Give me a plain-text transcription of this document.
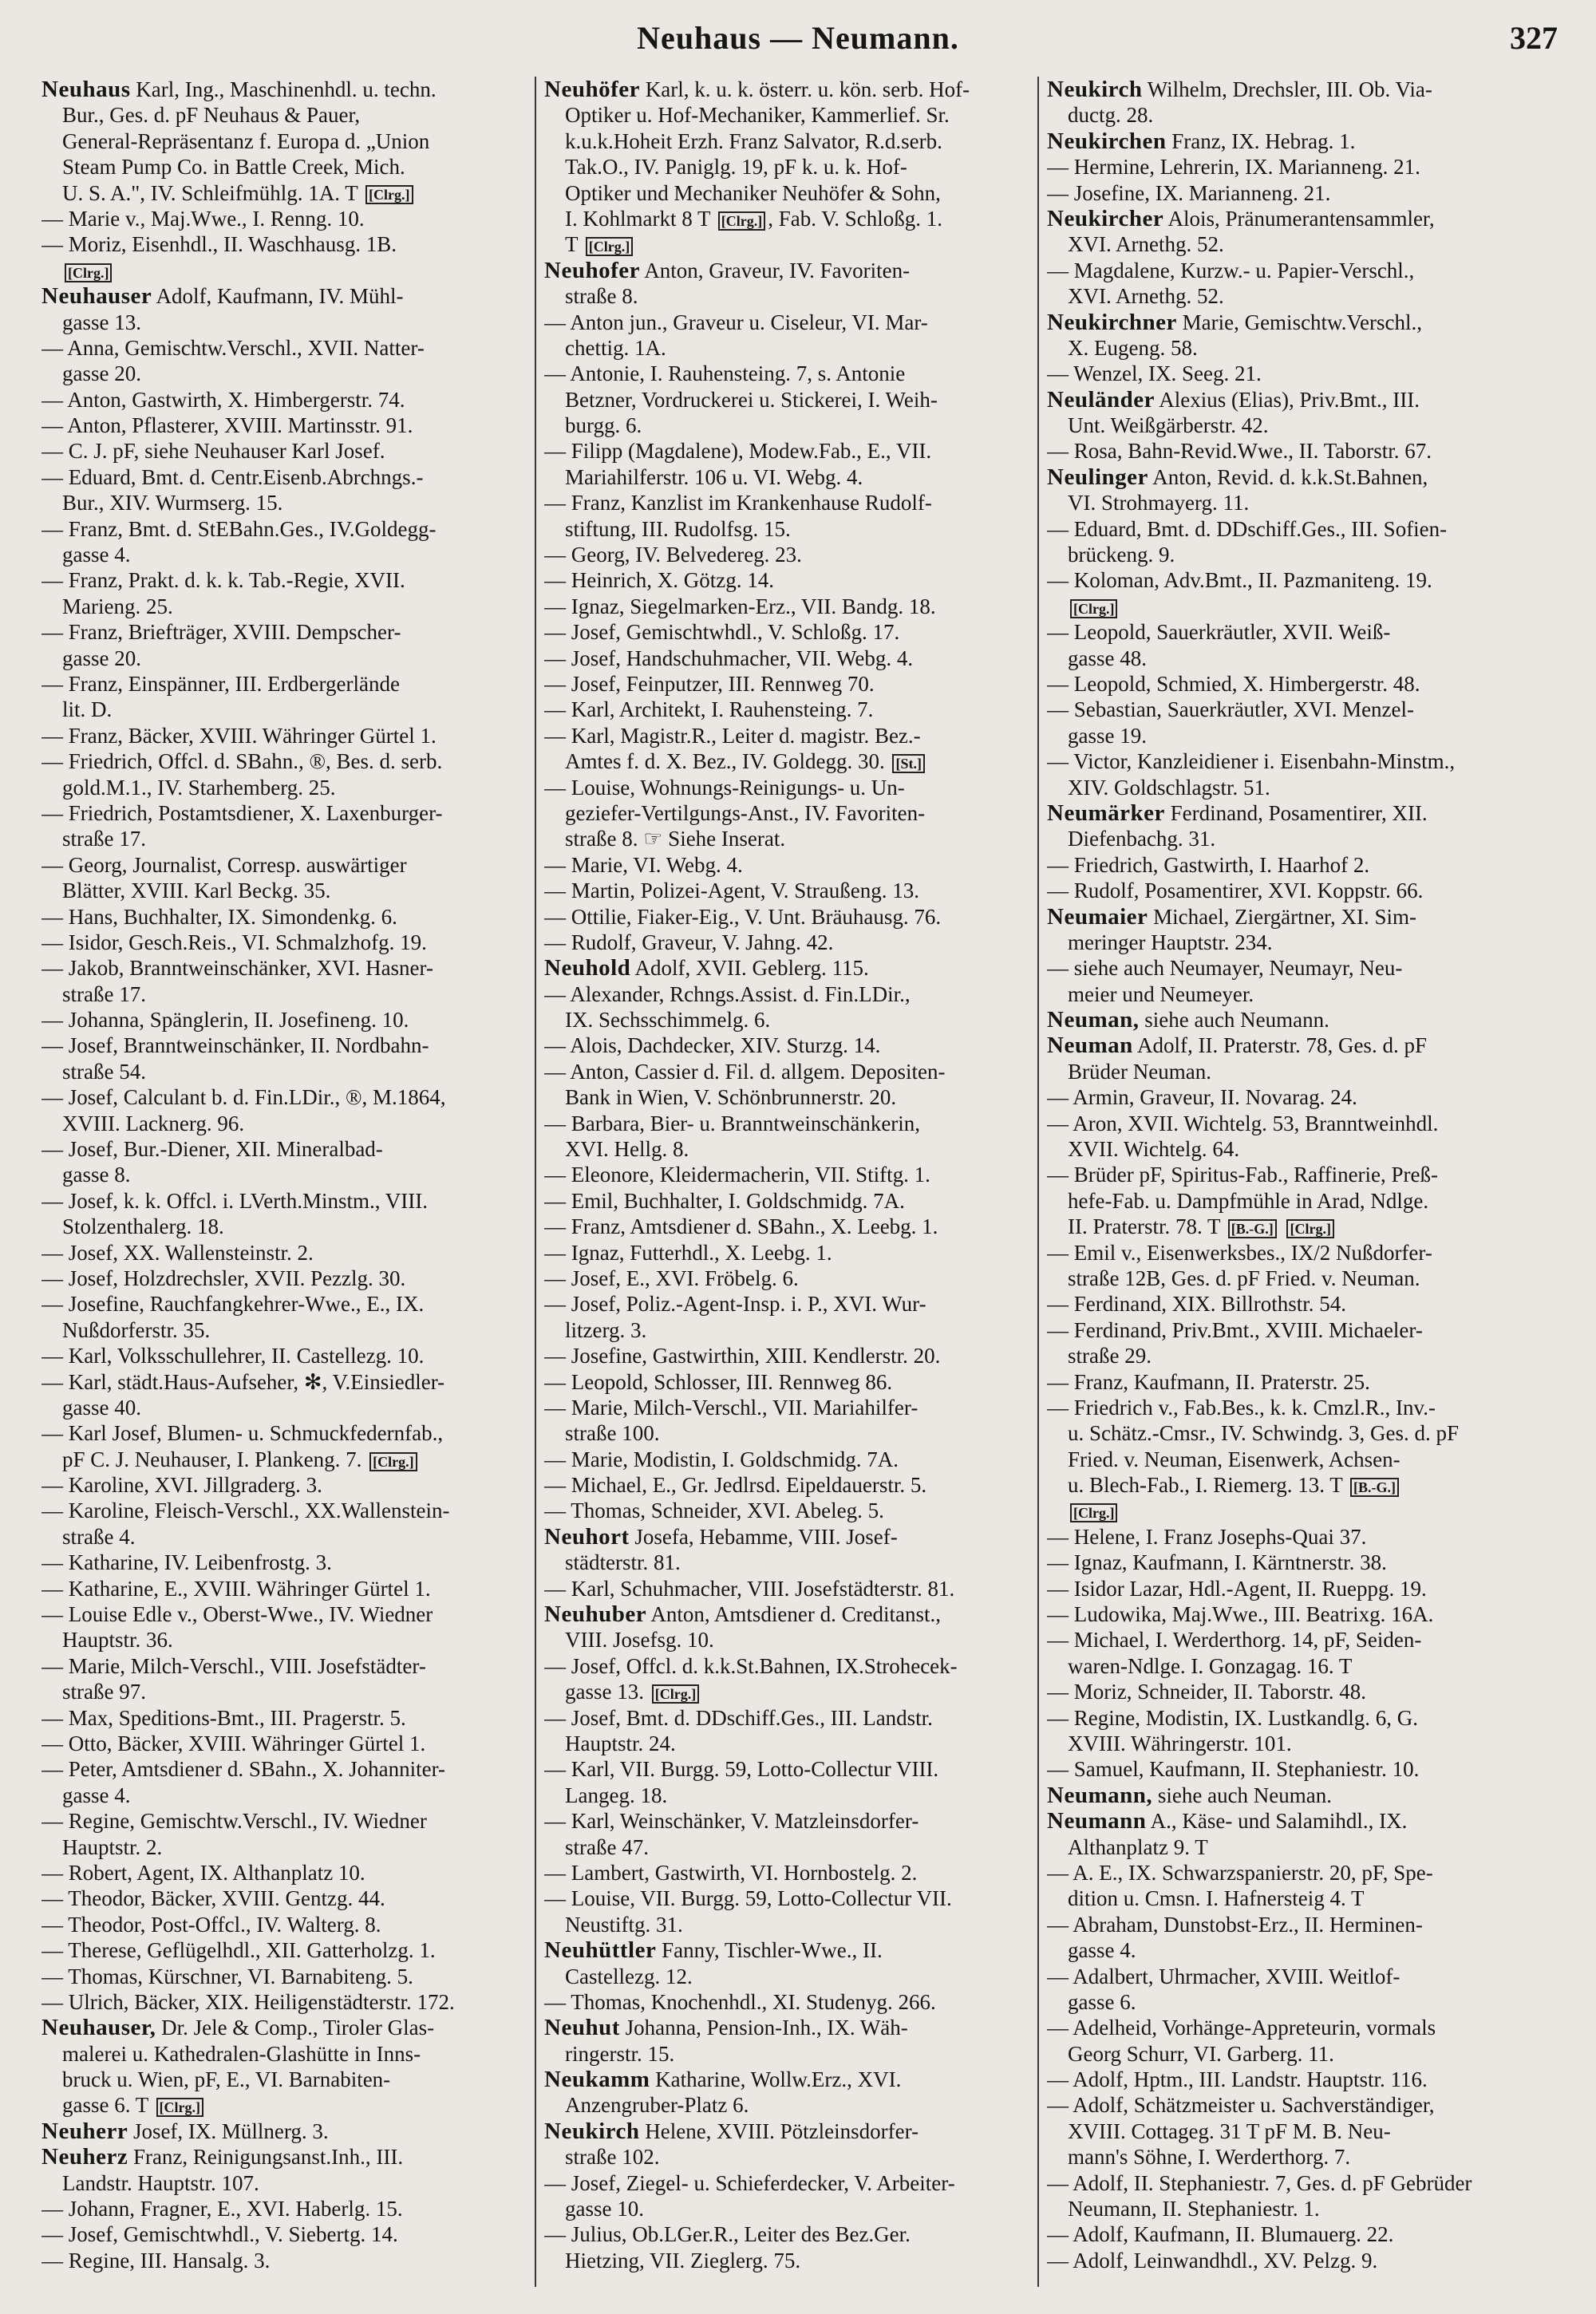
Neuhaus — Neumann.	327
Neuhaus Karl, Ing., Maschinenhdl. u. techn.
Bur., Ges. d. pF Neuhaus & Pauer,
General-Repräsentanz f. Europa d. „Union
Steam Pump Co. in Battle Creek, Mich.
U. S. A.", IV. Schleifmühlg. 1A. T [Clrg.]
— Marie v., Maj.Wwe., I. Renng. 10.
— Moriz, Eisenhdl., II. Waschhausg. 1B.
[Clrg.]
Neuhauser Adolf, Kaufmann, IV. Mühl-
gasse 13.
— Anna, Gemischtw.Verschl., XVII. Natter-
gasse 20.
— Anton, Gastwirth, X. Himbergerstr. 74.
— Anton, Pflasterer, XVIII. Martinsstr. 91.
— C. J. pF, siehe Neuhauser Karl Josef.
— Eduard, Bmt. d. Centr.Eisenb.Abrchngs.-
Bur., XIV. Wurmserg. 15.
— Franz, Bmt. d. StEBahn.Ges., IV.Goldegg-
gasse 4.
— Franz, Prakt. d. k. k. Tab.-Regie, XVII.
Marieng. 25.
— Franz, Briefträger, XVIII. Dempscher-
gasse 20.
— Franz, Einspänner, III. Erdbergerlände
lit. D.
— Franz, Bäcker, XVIII. Währinger Gürtel 1.
— Friedrich, Offcl. d. SBahn., ®, Bes. d. serb.
gold.M.1., IV. Starhemberg. 25.
— Friedrich, Postamtsdiener, X. Laxenburger-
straße 17.
— Georg, Journalist, Corresp. auswärtiger
Blätter, XVIII. Karl Beckg. 35.
— Hans, Buchhalter, IX. Simondenkg. 6.
— Isidor, Gesch.Reis., VI. Schmalzhofg. 19.
— Jakob, Branntweinschänker, XVI. Hasner-
straße 17.
— Johanna, Spänglerin, II. Josefineng. 10.
— Josef, Branntweinschänker, II. Nordbahn-
straße 54.
— Josef, Calculant b. d. Fin.LDir., ®, M.1864,
XVIII. Lacknerg. 96.
— Josef, Bur.-Diener, XII. Mineralbad-
gasse 8.
— Josef, k. k. Offcl. i. LVerth.Minstm., VIII.
Stolzenthalerg. 18.
— Josef, XX. Wallensteinstr. 2.
— Josef, Holzdrechsler, XVII. Pezzlg. 30.
— Josefine, Rauchfangkehrer-Wwe., E., IX.
Nußdorferstr. 35.
— Karl, Volksschullehrer, II. Castellezg. 10.
— Karl, städt.Haus-Aufseher, ✻, V.Einsiedler-
gasse 40.
— Karl Josef, Blumen- u. Schmuckfedernfab.,
pF C. J. Neuhauser, I. Plankeng. 7. [Clrg.]
— Karoline, XVI. Jillgraderg. 3.
— Karoline, Fleisch-Verschl., XX.Wallenstein-
straße 4.
— Katharine, IV. Leibenfrostg. 3.
— Katharine, E., XVIII. Währinger Gürtel 1.
— Louise Edle v., Oberst-Wwe., IV. Wiedner
Hauptstr. 36.
— Marie, Milch-Verschl., VIII. Josefstädter-
straße 97.
— Max, Speditions-Bmt., III. Pragerstr. 5.
— Otto, Bäcker, XVIII. Währinger Gürtel 1.
— Peter, Amtsdiener d. SBahn., X. Johanniter-
gasse 4.
— Regine, Gemischtw.Verschl., IV. Wiedner
Hauptstr. 2.
— Robert, Agent, IX. Althanplatz 10.
— Theodor, Bäcker, XVIII. Gentzg. 44.
— Theodor, Post-Offcl., IV. Walterg. 8.
— Therese, Geflügelhdl., XII. Gatterholzg. 1.
— Thomas, Kürschner, VI. Barnabiteng. 5.
— Ulrich, Bäcker, XIX. Heiligenstädterstr. 172.
Neuhauser, Dr. Jele & Comp., Tiroler Glas-
malerei u. Kathedralen-Glashütte in Inns-
bruck u. Wien, pF, E., VI. Barnabiten-
gasse 6. T [Clrg.]
Neuherr Josef, IX. Müllnerg. 3.
Neuherz Franz, Reinigungsanst.Inh., III.
Landstr. Hauptstr. 107.
— Johann, Fragner, E., XVI. Haberlg. 15.
— Josef, Gemischtwhdl., V. Siebertg. 14.
— Regine, III. Hansalg. 3.
Neuhöfer Karl, k. u. k. österr. u. kön. serb. Hof-
Optiker u. Hof-Mechaniker, Kammerlief. Sr.
k.u.k.Hoheit Erzh. Franz Salvator, R.d.serb.
Tak.O., IV. Paniglg. 19, pF k. u. k. Hof-
Optiker und Mechaniker Neuhöfer & Sohn,
I. Kohlmarkt 8 T [Clrg.] , Fab. V. Schloßg. 1.
T [Clrg.]
Neuhofer Anton, Graveur, IV. Favoriten-
straße 8.
— Anton jun., Graveur u. Ciseleur, VI. Mar-
chettig. 1A.
— Antonie, I. Rauhensteing. 7, s. Antonie
Betzner, Vordruckerei u. Stickerei, I. Weih-
burgg. 6.
— Filipp (Magdalene), Modew.Fab., E., VII.
Mariahilferstr. 106 u. VI. Webg. 4.
— Franz, Kanzlist im Krankenhause Rudolf-
stiftung, III. Rudolfsg. 15.
— Georg, IV. Belvedereg. 23.
— Heinrich, X. Götzg. 14.
— Ignaz, Siegelmarken-Erz., VII. Bandg. 18.
— Josef, Gemischtwhdl., V. Schloßg. 17.
— Josef, Handschuhmacher, VII. Webg. 4.
— Josef, Feinputzer, III. Rennweg 70.
— Karl, Architekt, I. Rauhensteing. 7.
— Karl, Magistr.R., Leiter d. magistr. Bez.-
Amtes f. d. X. Bez., IV. Goldegg. 30. [St.]
— Louise, Wohnungs-Reinigungs- u. Un-
geziefer-Vertilgungs-Anst., IV. Favoriten-
straße 8. ☞ Siehe Inserat.
— Marie, VI. Webg. 4.
— Martin, Polizei-Agent, V. Straußeng. 13.
— Ottilie, Fiaker-Eig., V. Unt. Bräuhausg. 76.
— Rudolf, Graveur, V. Jahng. 42.
Neuhold Adolf, XVII. Geblerg. 115.
— Alexander, Rchngs.Assist. d. Fin.LDir.,
IX. Sechsschimmelg. 6.
— Alois, Dachdecker, XIV. Sturzg. 14.
— Anton, Cassier d. Fil. d. allgem. Depositen-
Bank in Wien, V. Schönbrunnerstr. 20.
— Barbara, Bier- u. Branntweinschänkerin,
XVI. Hellg. 8.
— Eleonore, Kleidermacherin, VII. Stiftg. 1.
— Emil, Buchhalter, I. Goldschmidg. 7A.
— Franz, Amtsdiener d. SBahn., X. Leebg. 1.
— Ignaz, Futterhdl., X. Leebg. 1.
— Josef, E., XVI. Fröbelg. 6.
— Josef, Poliz.-Agent-Insp. i. P., XVI. Wur-
litzerg. 3.
— Josefine, Gastwirthin, XIII. Kendlerstr. 20.
— Leopold, Schlosser, III. Rennweg 86.
— Marie, Milch-Verschl., VII. Mariahilfer-
straße 100.
— Marie, Modistin, I. Goldschmidg. 7A.
— Michael, E., Gr. Jedlrsd. Eipeldauerstr. 5.
— Thomas, Schneider, XVI. Abeleg. 5.
Neuhort Josefa, Hebamme, VIII. Josef-
städterstr. 81.
— Karl, Schuhmacher, VIII. Josefstädterstr. 81.
Neuhuber Anton, Amtsdiener d. Creditanst.,
VIII. Josefsg. 10.
— Josef, Offcl. d. k.k.St.Bahnen, IX.Strohecek-
gasse 13. [Clrg.]
— Josef, Bmt. d. DDschiff.Ges., III. Landstr.
Hauptstr. 24.
— Karl, VII. Burgg. 59, Lotto-Collectur VIII.
Langeg. 18.
— Karl, Weinschänker, V. Matzleinsdorfer-
straße 47.
— Lambert, Gastwirth, VI. Hornbostelg. 2.
— Louise, VII. Burgg. 59, Lotto-Collectur VII.
Neustiftg. 31.
Neuhüttler Fanny, Tischler-Wwe., II.
Castellezg. 12.
— Thomas, Knochenhdl., XI. Studenyg. 266.
Neuhut Johanna, Pension-Inh., IX. Wäh-
ringerstr. 15.
Neukamm Katharine, Wollw.Erz., XVI.
Anzengruber-Platz 6.
Neukirch Helene, XVIII. Pötzleinsdorfer-
straße 102.
— Josef, Ziegel- u. Schieferdecker, V. Arbeiter-
gasse 10.
— Julius, Ob.LGer.R., Leiter des Bez.Ger.
Hietzing, VII. Zieglerg. 75.
Neukirch Wilhelm, Drechsler, III. Ob. Via-
ductg. 28.
Neukirchen Franz, IX. Hebrag. 1.
— Hermine, Lehrerin, IX. Marianneng. 21.
— Josefine, IX. Marianneng. 21.
Neukircher Alois, Pränumerantensammler,
XVI. Arnethg. 52.
— Magdalene, Kurzw.- u. Papier-Verschl.,
XVI. Arnethg. 52.
Neukirchner Marie, Gemischtw.Verschl.,
X. Eugeng. 58.
— Wenzel, IX. Seeg. 21.
Neuländer Alexius (Elias), Priv.Bmt., III.
Unt. Weißgärberstr. 42.
— Rosa, Bahn-Revid.Wwe., II. Taborstr. 67.
Neulinger Anton, Revid. d. k.k.St.Bahnen,
VI. Strohmayerg. 11.
— Eduard, Bmt. d. DDschiff.Ges., III. Sofien-
brückeng. 9.
— Koloman, Adv.Bmt., II. Pazmaniteng. 19.
[Clrg.]
— Leopold, Sauerkräutler, XVII. Weiß-
gasse 48.
— Leopold, Schmied, X. Himbergerstr. 48.
— Sebastian, Sauerkräutler, XVI. Menzel-
gasse 19.
— Victor, Kanzleidiener i. Eisenbahn-Minstm.,
XIV. Goldschlagstr. 51.
Neumärker Ferdinand, Posamentirer, XII.
Diefenbachg. 31.
— Friedrich, Gastwirth, I. Haarhof 2.
— Rudolf, Posamentirer, XVI. Koppstr. 66.
Neumaier Michael, Ziergärtner, XI. Sim-
meringer Hauptstr. 234.
— siehe auch Neumayer, Neumayr, Neu-
meier und Neumeyer.
Neuman, siehe auch Neumann.
Neuman Adolf, II. Praterstr. 78, Ges. d. pF
Brüder Neuman.
— Armin, Graveur, II. Novarag. 24.
— Aron, XVII. Wichtelg. 53, Branntweinhdl.
XVII. Wichtelg. 64.
— Brüder pF, Spiritus-Fab., Raffinerie, Preß-
hefe-Fab. u. Dampfmühle in Arad, Ndlge.
II. Praterstr. 78. T [B.-G.] [Clrg.]
— Emil v., Eisenwerksbes., IX/2 Nußdorfer-
straße 12B, Ges. d. pF Fried. v. Neuman.
— Ferdinand, XIX. Billrothstr. 54.
— Ferdinand, Priv.Bmt., XVIII. Michaeler-
straße 29.
— Franz, Kaufmann, II. Praterstr. 25.
— Friedrich v., Fab.Bes., k. k. Cmzl.R., Inv.-
u. Schätz.-Cmsr., IV. Schwindg. 3, Ges. d. pF
Fried. v. Neuman, Eisenwerk, Achsen-
u. Blech-Fab., I. Riemerg. 13. T [B.-G.]
[Clrg.]
— Helene, I. Franz Josephs-Quai 37.
— Ignaz, Kaufmann, I. Kärntnerstr. 38.
— Isidor Lazar, Hdl.-Agent, II. Rueppg. 19.
— Ludowika, Maj.Wwe., III. Beatrixg. 16A.
— Michael, I. Werderthorg. 14, pF, Seiden-
waren-Ndlge. I. Gonzagag. 16. T
— Moriz, Schneider, II. Taborstr. 48.
— Regine, Modistin, IX. Lustkandlg. 6, G.
XVIII. Währingerstr. 101.
— Samuel, Kaufmann, II. Stephaniestr. 10.
Neumann, siehe auch Neuman.
Neumann A., Käse- und Salamihdl., IX.
Althanplatz 9. T
— A. E., IX. Schwarzspanierstr. 20, pF, Spe-
dition u. Cmsn. I. Hafnersteig 4. T
— Abraham, Dunstobst-Erz., II. Herminen-
gasse 4.
— Adalbert, Uhrmacher, XVIII. Weitlof-
gasse 6.
— Adelheid, Vorhänge-Appreteurin, vormals
Georg Schurr, VI. Garberg. 11.
— Adolf, Hptm., III. Landstr. Hauptstr. 116.
— Adolf, Schätzmeister u. Sachverständiger,
XVIII. Cottageg. 31 T pF M. B. Neu-
mann's Söhne, I. Werderthorg. 7.
— Adolf, II. Stephaniestr. 7, Ges. d. pF Gebrüder
Neumann, II. Stephaniestr. 1.
— Adolf, Kaufmann, II. Blumauerg. 22.
— Adolf, Leinwandhdl., XV. Pelzg. 9.
